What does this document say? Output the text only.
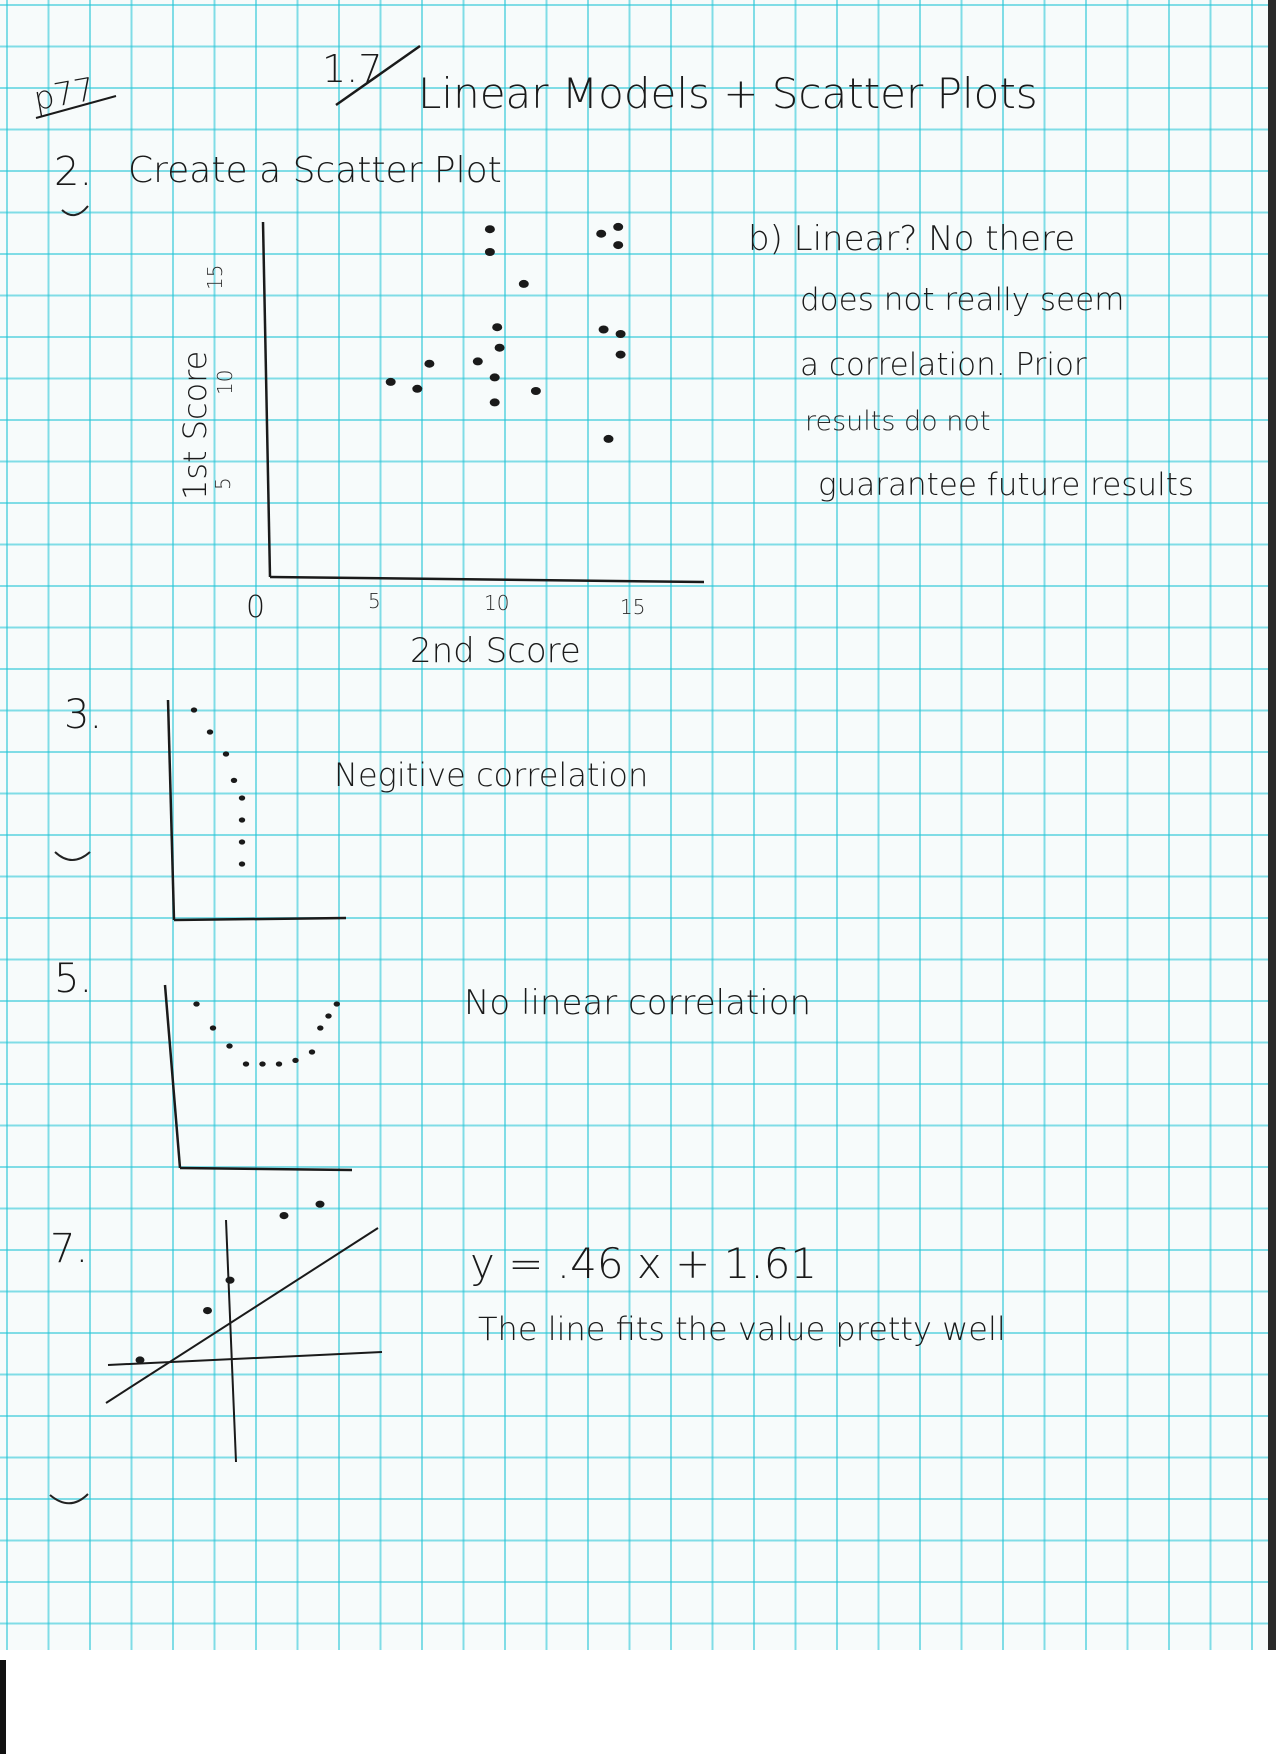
p77
1.7 Linear Models + Scatter Plots
2. Create a Scatter Plot
0	5	10	15
5
10
15
1st Score
2nd Score
b) Linear? No there
does not really seem
a correlation. Prior
results do not
guarantee future results
3.
Negitive correlation
5.
No linear correlation
7.	y = .46 x + 1.61
The line fits the value pretty well
